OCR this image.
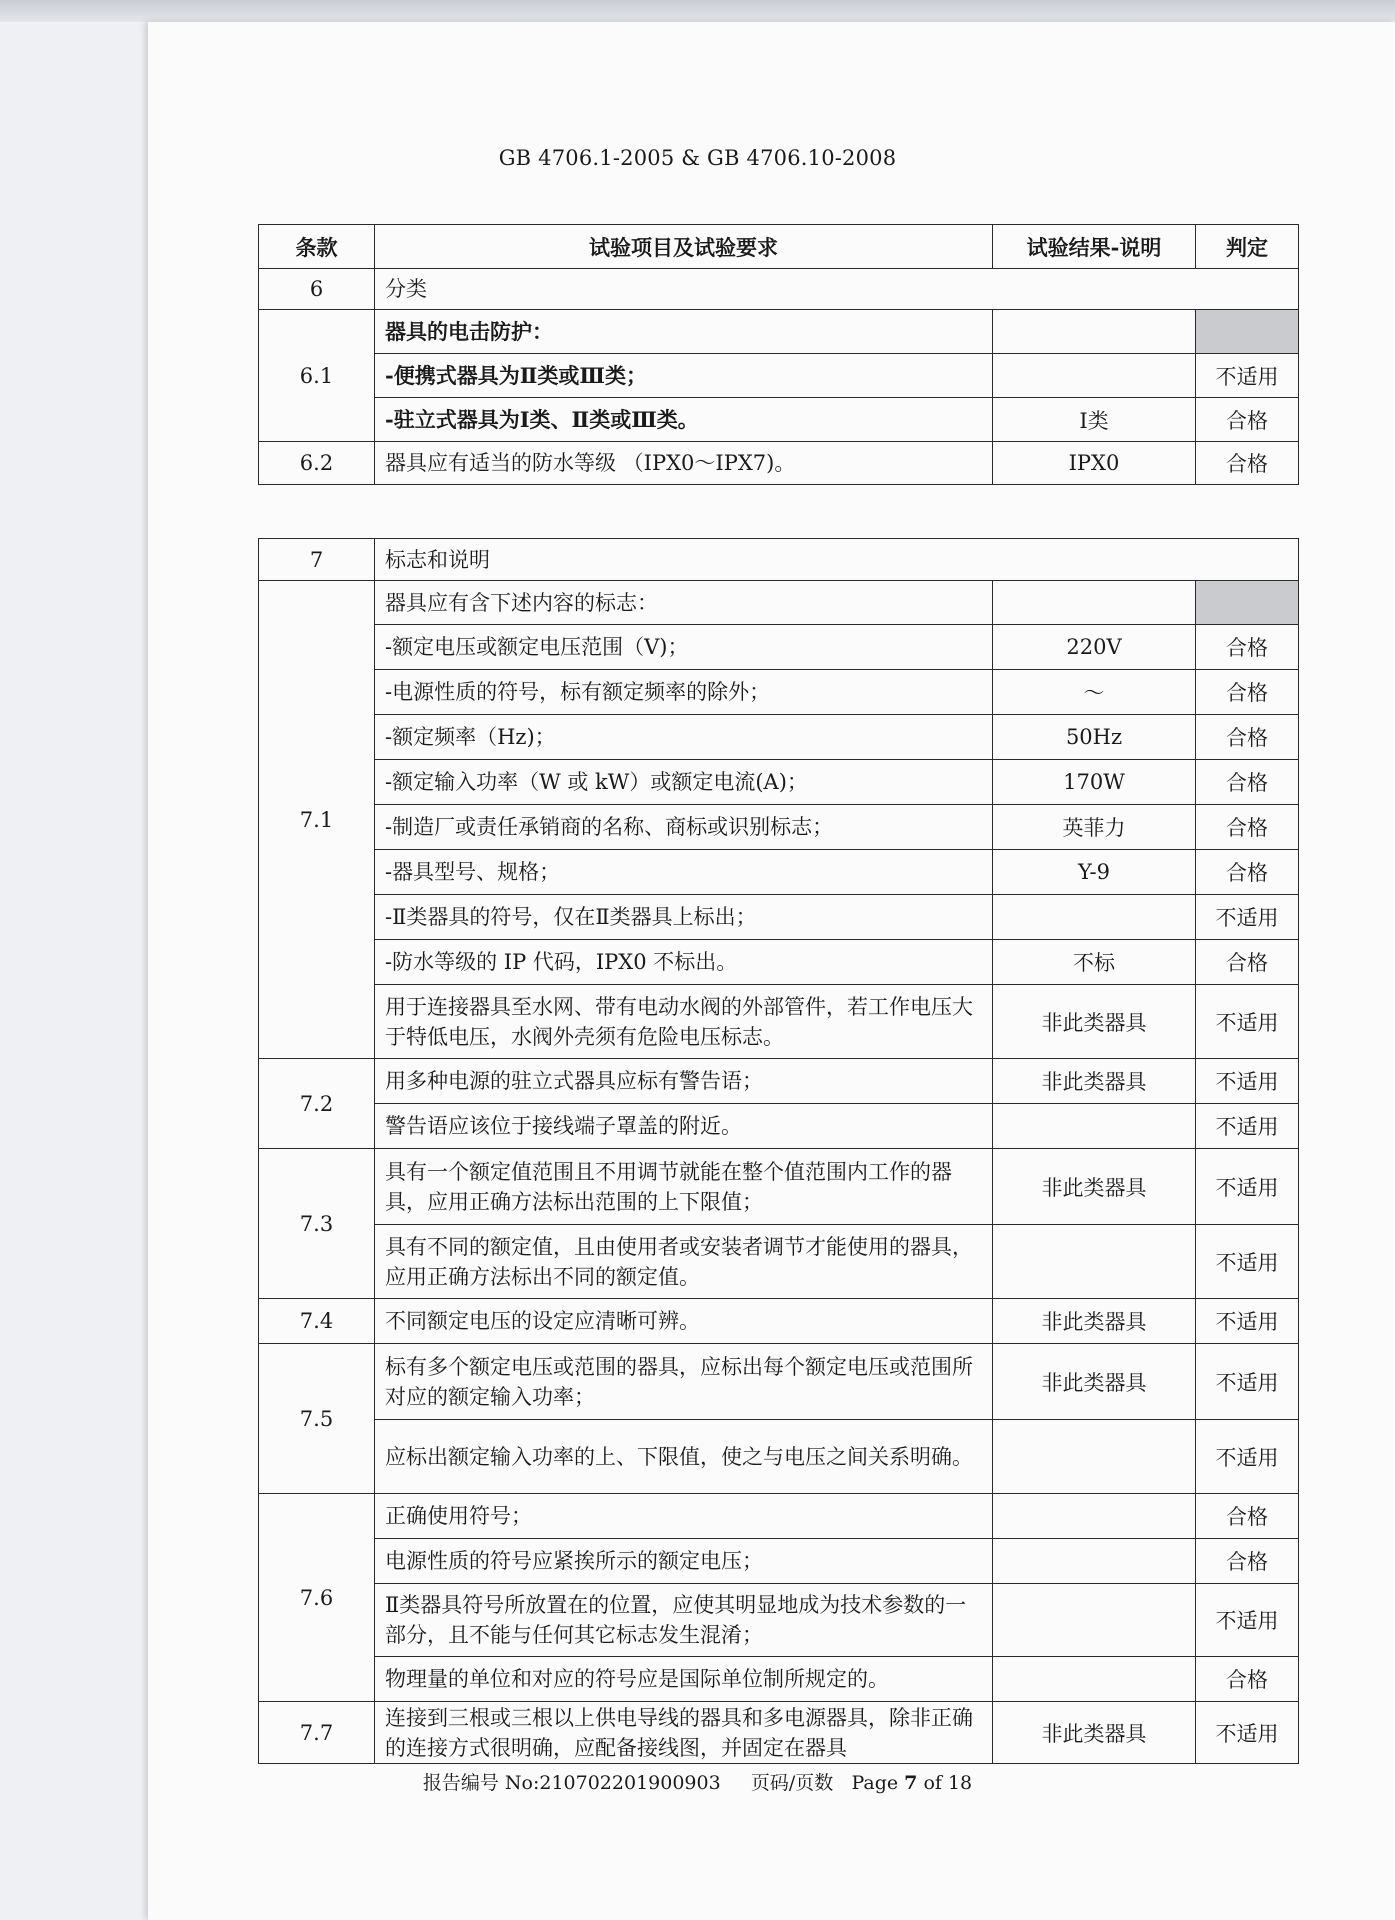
GB 4706.1-2005 & GB 4706.10-2008
条款	试验项目及试验要求	试验结果-说明	判定
6	分类		
6.1	器具的电击防护：		
	-便携式器具为Ⅱ类或Ⅲ类；		不适用
	-驻立式器具为Ⅰ类、Ⅱ类或Ⅲ类。	Ⅰ类	合格
6.2	器具应有适当的防水等级 （IPX0～IPX7)。	IPX0	合格
7	标志和说明		
7.1	器具应有含下述内容的标志：		
	-额定电压或额定电压范围（V)；	220V	合格
	-电源性质的符号，标有额定频率的除外；	～	合格
	-额定频率（Hz)；	50Hz	合格
	-额定输入功率（W 或 kW）或额定电流(A)；	170W	合格
	-制造厂或责任承销商的名称、商标或识别标志；	英菲力	合格
	-器具型号、规格；	Y-9	合格
	-Ⅱ类器具的符号，仅在Ⅱ类器具上标出；		不适用
	-防水等级的 IP 代码，IPX0 不标出。	不标	合格
	用于连接器具至水网、带有电动水阀的外部管件，若工作电压大于特低电压，水阀外壳须有危险电压标志。	非此类器具	不适用
7.2	用多种电源的驻立式器具应标有警告语；	非此类器具	不适用
	警告语应该位于接线端子罩盖的附近。		不适用
7.3	具有一个额定值范围且不用调节就能在整个值范围内工作的器具，应用正确方法标出范围的上下限值；	非此类器具	不适用
	具有不同的额定值，且由使用者或安装者调节才能使用的器具，应用正确方法标出不同的额定值。		不适用
7.4	不同额定电压的设定应清晰可辨。	非此类器具	不适用
7.5	标有多个额定电压或范围的器具，应标出每个额定电压或范围所对应的额定输入功率；	非此类器具	不适用
	应标出额定输入功率的上、下限值，使之与电压之间关系明确。		不适用
7.6	正确使用符号；		合格
	电源性质的符号应紧挨所示的额定电压；		合格
	Ⅱ类器具符号所放置在的位置，应使其明显地成为技术参数的一部分，且不能与任何其它标志发生混淆；		不适用
	物理量的单位和对应的符号应是国际单位制所规定的。		合格
7.7	连接到三根或三根以上供电导线的器具和多电源器具，除非正确的连接方式很明确，应配备接线图，并固定在器具	非此类器具	不适用
报告编号 No:210702201900903 页码/页数 Page 7 of 18
